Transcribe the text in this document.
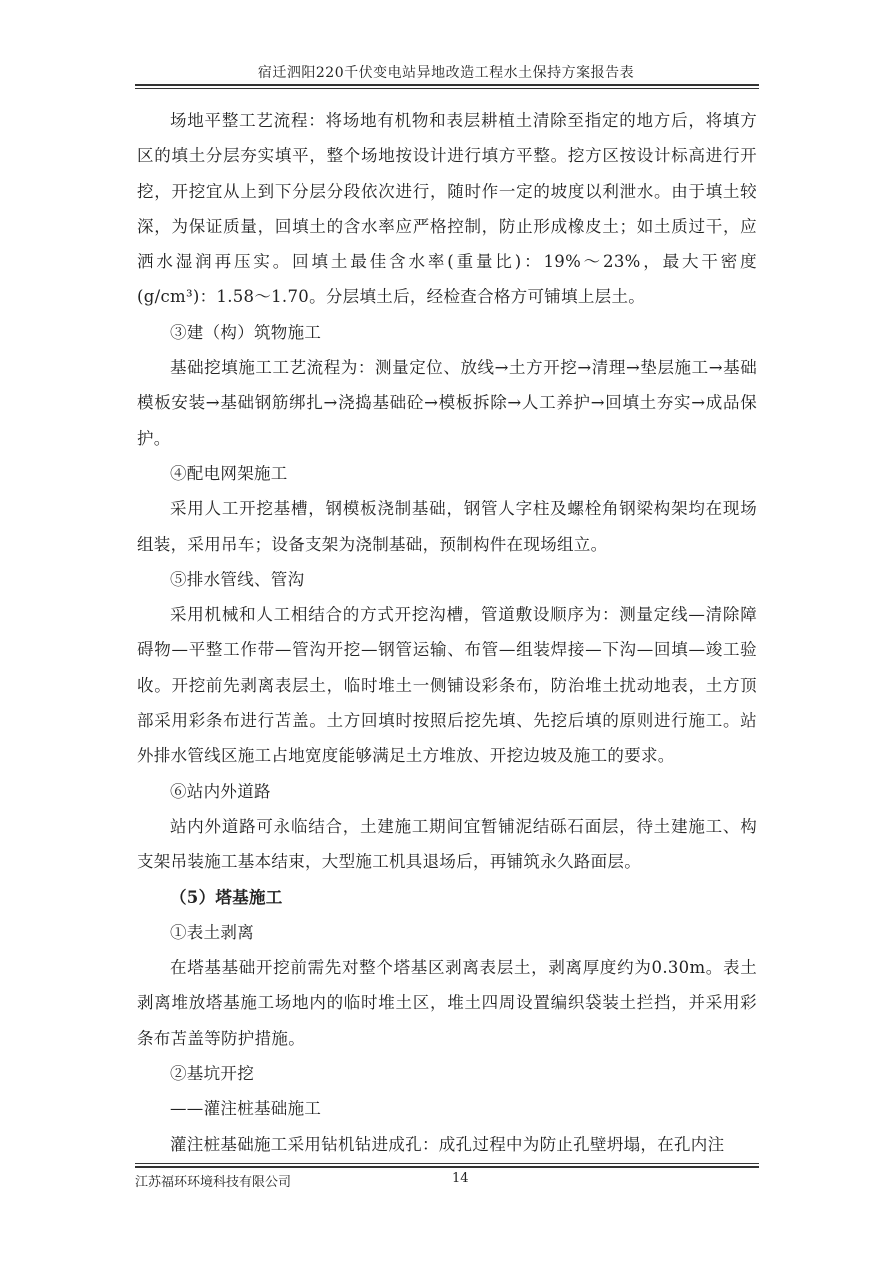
宿迁泗阳220千伏变电站异地改造工程水土保持方案报告表

场地平整工艺流程：将场地有机物和表层耕植土清除至指定的地方后，将填方区的填土分层夯实填平，整个场地按设计进行填方平整。挖方区按设计标高进行开挖，开挖宜从上到下分层分段依次进行，随时作一定的坡度以利泄水。由于填土较深，为保证质量，回填土的含水率应严格控制，防止形成橡皮土；如土质过干，应洒水湿润再压实。回填土最佳含水率(重量比)：19%～23%，最大干密度(g/cm³)：1.58～1.70。分层填土后，经检查合格方可铺填上层土。

③建（构）筑物施工

基础挖填施工工艺流程为：测量定位、放线→土方开挖→清理→垫层施工→基础模板安装→基础钢筋绑扎→浇捣基础砼→模板拆除→人工养护→回填土夯实→成品保护。

④配电网架施工

采用人工开挖基槽，钢模板浇制基础，钢管人字柱及螺栓角钢梁构架均在现场组装，采用吊车；设备支架为浇制基础，预制构件在现场组立。

⑤排水管线、管沟

采用机械和人工相结合的方式开挖沟槽，管道敷设顺序为：测量定线—清除障碍物—平整工作带—管沟开挖—钢管运输、布管—组装焊接—下沟—回填—竣工验收。开挖前先剥离表层土，临时堆土一侧铺设彩条布，防治堆土扰动地表，土方顶部采用彩条布进行苫盖。土方回填时按照后挖先填、先挖后填的原则进行施工。站外排水管线区施工占地宽度能够满足土方堆放、开挖边坡及施工的要求。

⑥站内外道路

站内外道路可永临结合，土建施工期间宜暂铺泥结砾石面层，待土建施工、构支架吊装施工基本结束，大型施工机具退场后，再铺筑永久路面层。

（5）塔基施工

①表土剥离

在塔基基础开挖前需先对整个塔基区剥离表层土，剥离厚度约为0.30m。表土剥离堆放塔基施工场地内的临时堆土区，堆土四周设置编织袋装土拦挡，并采用彩条布苫盖等防护措施。

②基坑开挖

——灌注桩基础施工

灌注桩基础施工采用钻机钻进成孔：成孔过程中为防止孔壁坍塌，在孔内注

江苏福环环境科技有限公司	14
